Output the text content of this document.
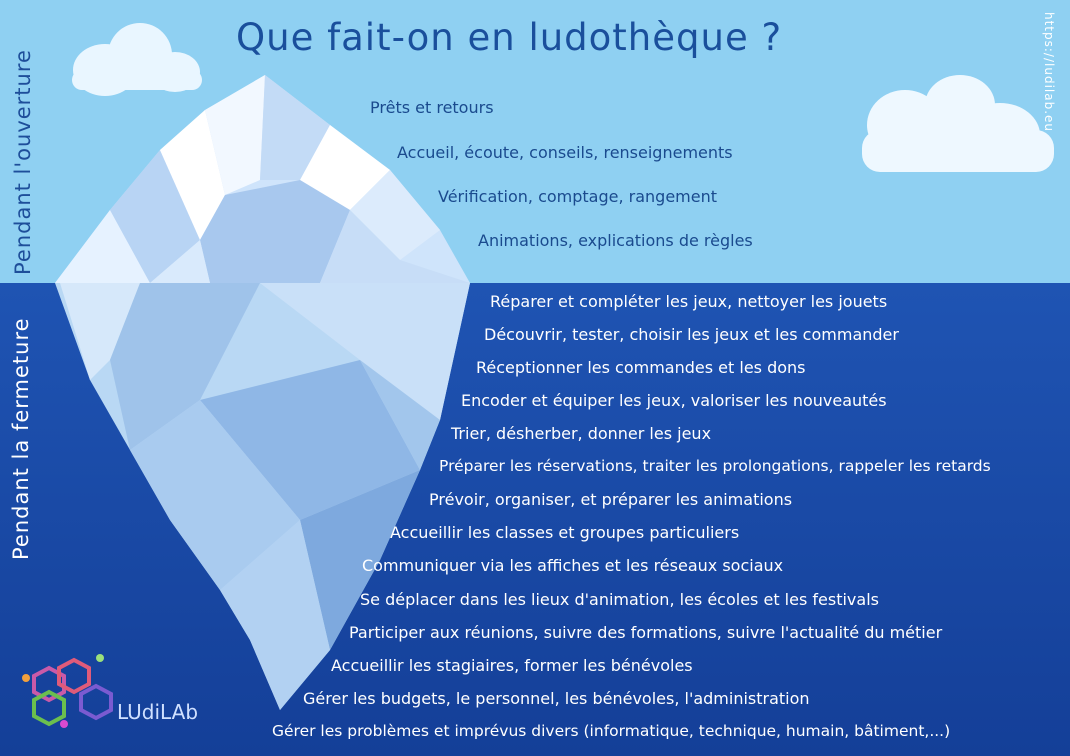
Que fait-on en ludothèque ?	https://ludilab.eu
Pendant l'ouverture
Pendant la fermeture
Prêts et retours
Accueil, écoute, conseils, renseignements
Vérification, comptage, rangement
Animations, explications de règles
Réparer et compléter les jeux, nettoyer les jouets
Découvrir, tester, choisir les jeux et les commander
Réceptionner les commandes et les dons
Encoder et équiper les jeux, valoriser les nouveautés
Trier, désherber, donner les jeux
Préparer les réservations, traiter les prolongations, rappeler les retards
Prévoir, organiser, et préparer les animations
Accueillir les classes et groupes particuliers
Communiquer via les affiches et les réseaux sociaux
Se déplacer dans les lieux d'animation, les écoles et les festivals
Participer aux réunions, suivre des formations, suivre l'actualité du métier
Accueillir les stagiaires, former les bénévoles
Gérer les budgets, le personnel, les bénévoles, l'administration
Gérer les problèmes et imprévus divers (informatique, technique, humain, bâtiment,...)
LUdiLAb
